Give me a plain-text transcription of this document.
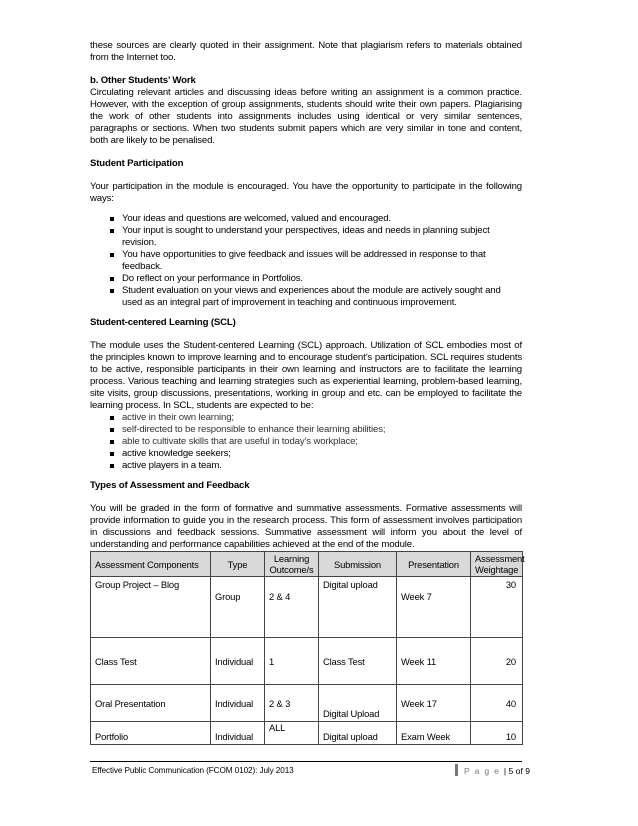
these sources are clearly quoted in their assignment. Note that plagiarism refers to materials obtained from the Internet too.

b. Other Students’ Work

Circulating relevant articles and discussing ideas before writing an assignment is a common practice. However, with the exception of group assignments, students should write their own papers. Plagiarising the work of other students into assignments includes using identical or very similar sentences, paragraphs or sections. When two students submit papers which are very similar in tone and content, both are likely to be penalised.

Student Participation

Your participation in the module is encouraged. You have the opportunity to participate in the following ways:

Your ideas and questions are welcomed, valued and encouraged.
Your input is sought to understand your perspectives, ideas and needs in planning subject revision.
You have opportunities to give feedback and issues will be addressed in response to that feedback.
Do reflect on your performance in Portfolios.
Student evaluation on your views and experiences about the module are actively sought and used as an integral part of improvement in teaching and continuous improvement.

Student-centered Learning (SCL)

The module uses the Student-centered Learning (SCL) approach. Utilization of SCL embodies most of the principles known to improve learning and to encourage student’s participation. SCL requires students to be active, responsible participants in their own learning and instructors are to facilitate the learning process. Various teaching and learning strategies such as experiential learning, problem-based learning, site visits, group discussions, presentations, working in group and etc. can be employed to facilitate the learning process. In SCL, students are expected to be:

active in their own learning;
self-directed to be responsible to enhance their learning abilities;
able to cultivate skills that are useful in today’s workplace;
active knowledge seekers;
active players in a team.

Types of Assessment and Feedback

You will be graded in the form of formative and summative assessments. Formative assessments will provide information to guide you in the research process. This form of assessment involves participation in discussions and feedback sessions. Summative assessment will inform you about the level of understanding and performance capabilities achieved at the end of the module.

Assessment Components	Type	Learning Outcome/s	Submission	Presentation	Assessment Weightage
Group Project – Blog	Group	2 & 4	Digital upload	Week 7	30
Class Test	Individual	1	Class Test	Week 11	20
Oral Presentation	Individual	2 & 3	Digital Upload	Week 17	40
Portfolio	Individual	ALL	Digital upload	Exam Week	10
Effective Public Communication (FCOM 0102): July 2013	P a g e | 5 of 9
